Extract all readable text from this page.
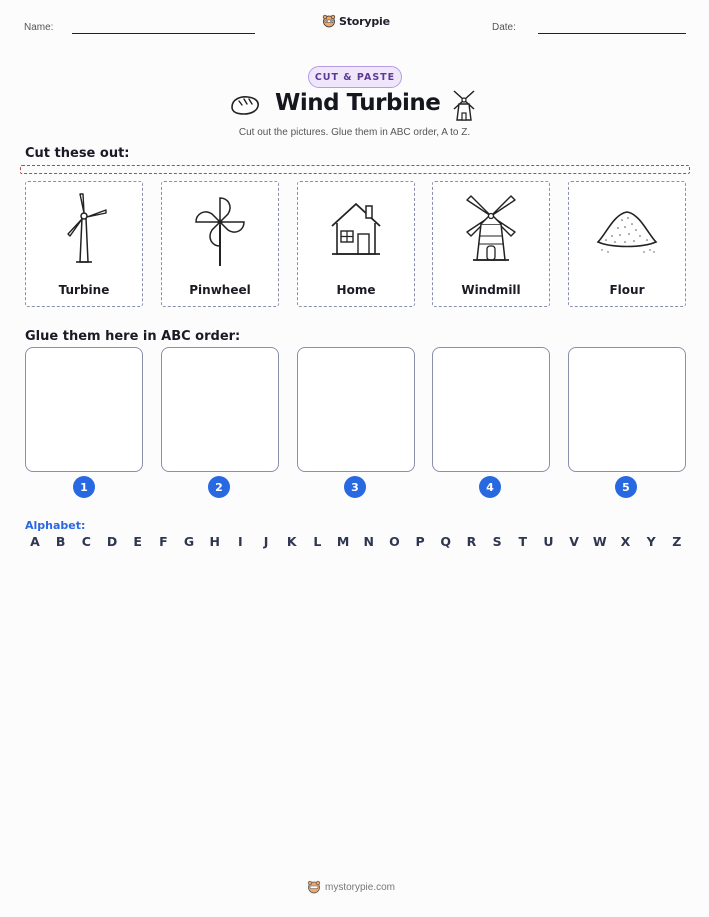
Name:	Storypie	Date:
CUT & PASTE
Wind Turbine
Cut out the pictures. Glue them in ABC order, A to Z.
Cut these out:
Turbine	Pinwheel	Home	Windmill	Flour
Glue them here in ABC order:
1	2	3	4	5
Alphabet:
A	B	C	D	E	F	G	H	I	J	K	L	M	N	O	P	Q	R	S	T	U	V	W	X	Y	Z
mystorypie.com
